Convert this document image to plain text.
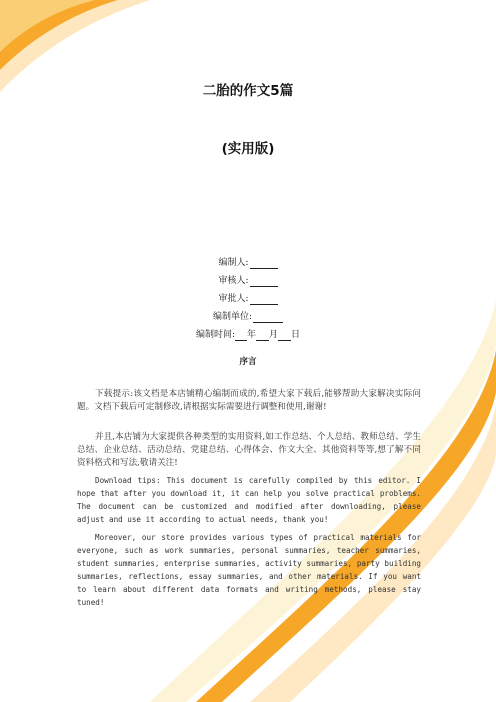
二胎的作文5篇
(实用版)
编制人:
审核人:
审批人:
编制单位:
编制时间: 年 月 日
序言

下载提示:该文档是本店铺精心编制而成的,希望大家下载后,能够帮助大家解决实际问题。文档下载后可定制修改,请根据实际需要进行调整和使用,谢谢!

并且,本店铺为大家提供各种类型的实用资料,如工作总结、个人总结、教师总结、学生总结、企业总结、活动总结、党建总结、心得体会、作文大全、其他资料等等,想了解不同资料格式和写法,敬请关注!

Download tips: This document is carefully compiled by this editor. I hope that after you download it, it can help you solve practical problems. The document can be customized and modified after downloading, please adjust and use it according to actual needs, thank you!

Moreover, our store provides various types of practical materials for everyone, such as work summaries, personal summaries, teacher summaries, student summaries, enterprise summaries, activity summaries, party building summaries, reflections, essay summaries, and other materials. If you want to learn about different data formats and writing methods, please stay tuned!
